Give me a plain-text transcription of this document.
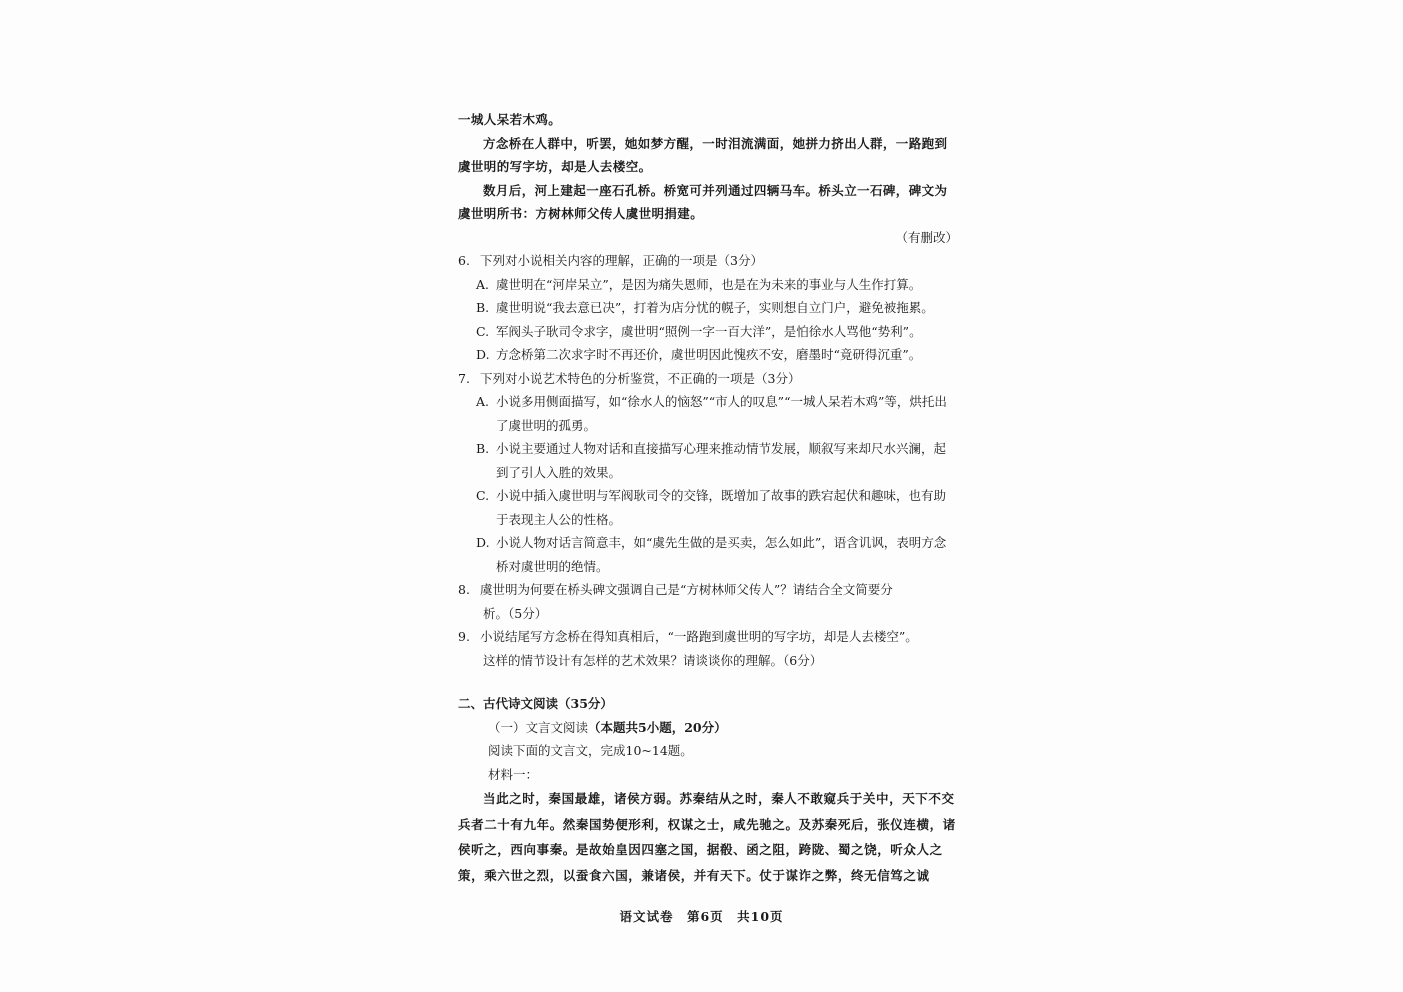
一城人呆若木鸡。

方念桥在人群中，听罢，她如梦方醒，一时泪流满面，她拼力挤出人群，一路跑到虞世明的写字坊，却是人去楼空。

数月后，河上建起一座石孔桥。桥宽可并列通过四辆马车。桥头立一石碑，碑文为虞世明所书：方树林师父传人虞世明捐建。

（有删改）

6. 下列对小说相关内容的理解，正确的一项是（3分）
A. 虞世明在“河岸呆立”，是因为痛失恩师，也是在为未来的事业与人生作打算。
B. 虞世明说“我去意已决”，打着为店分忧的幌子，实则想自立门户，避免被拖累。
C. 军阀头子耿司令求字，虞世明“照例一字一百大洋”，是怕徐水人骂他“势利”。
D. 方念桥第二次求字时不再还价，虞世明因此愧疚不安，磨墨时“竟研得沉重”。
7. 下列对小说艺术特色的分析鉴赏，不正确的一项是（3分）
A. 小说多用侧面描写，如“徐水人的恼怒”“市人的叹息”“一城人呆若木鸡”等，烘托出了虞世明的孤勇。
B. 小说主要通过人物对话和直接描写心理来推动情节发展，顺叙写来却尺水兴澜，起到了引人入胜的效果。
C. 小说中插入虞世明与军阀耿司令的交锋，既增加了故事的跌宕起伏和趣味，也有助于表现主人公的性格。
D. 小说人物对话言简意丰，如“虞先生做的是买卖，怎么如此”，语含讥讽，表明方念桥对虞世明的绝情。
8. 虞世明为何要在桥头碑文强调自己是“方树林师父传人”？请结合全文简要分
析。（5分）
9. 小说结尾写方念桥在得知真相后，“一路跑到虞世明的写字坊，却是人去楼空”。
这样的情节设计有怎样的艺术效果？请谈谈你的理解。（6分）

二、古代诗文阅读（35分）

（一）文言文阅读（本题共5小题，20分）

阅读下面的文言文，完成10~14题。

材料一：

当此之时，秦国最雄，诸侯方弱。苏秦结从之时，秦人不敢窥兵于关中，天下不交兵者二十有九年。然秦国势便形利，权谋之士，咸先驰之。及苏秦死后，张仪连横，诸侯听之，西向事秦。是故始皇因四塞之国，据殽、函之阻，跨陇、蜀之饶，听众人之策，乘六世之烈，以蚕食六国，兼诸侯，并有天下。仗于谋诈之弊，终无信笃之诚

语文试卷　第6页　共10页
